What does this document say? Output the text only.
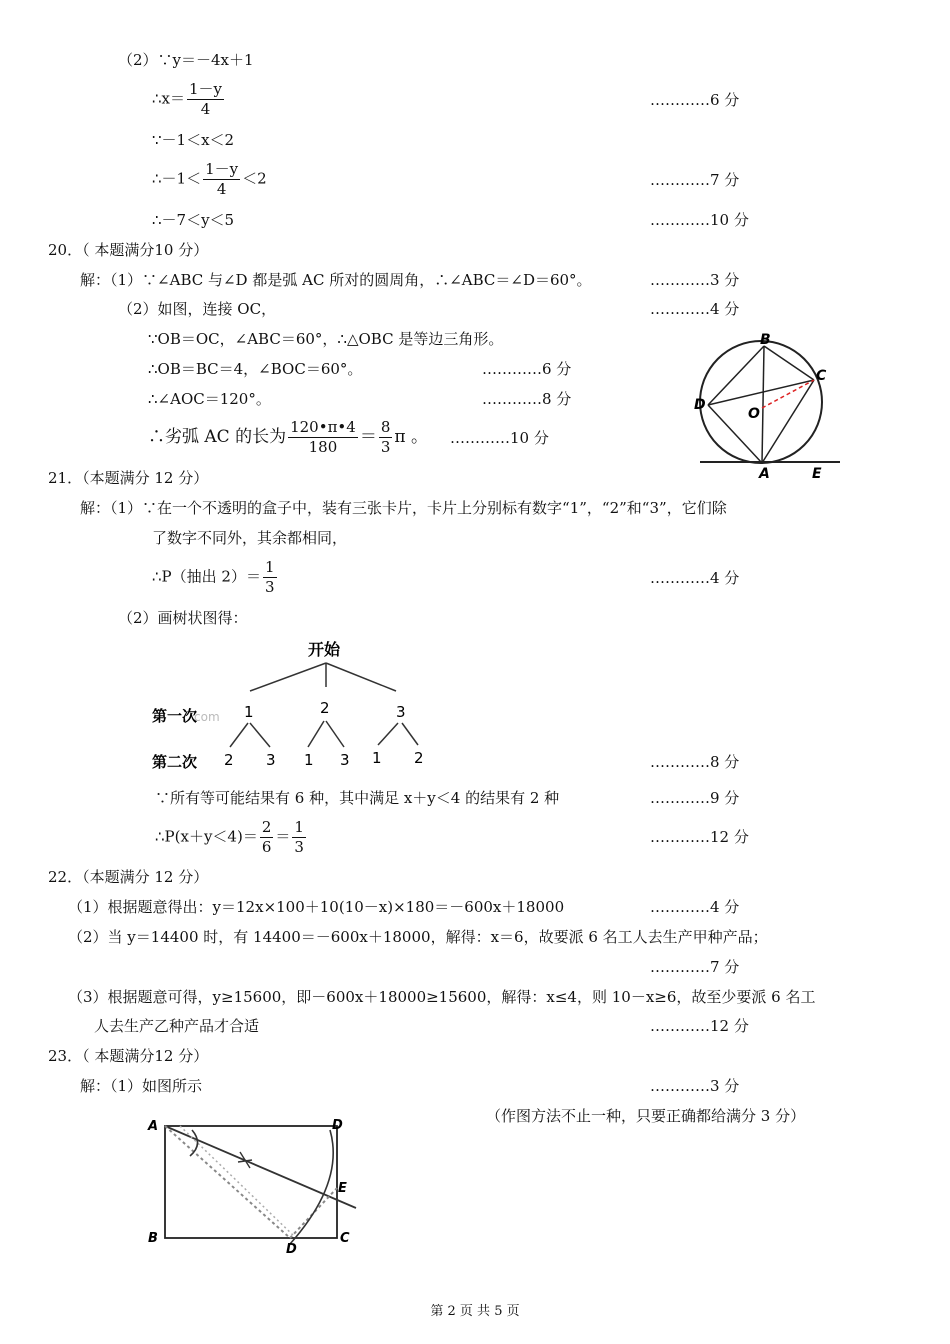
（2）∵y＝－4x＋1
∴x＝ $\frac{1-y}{4}$	…………6 分
∵－1＜x＜2
∴－1＜ $\frac{1-y}{4} <2$	…………7 分
∴－7＜y＜5	…………10 分
20．（ 本题满分10 分）
解：（1）∵∠ABC 与∠D 都是弧 AC 所对的圆周角，∴∠ABC＝∠D＝60°。	…………3 分
（2）如图，连接 OC，	…………4 分
∵OB＝OC，∠ABC＝60°，∴△OBC 是等边三角形。
∴OB＝BC＝4，∠BOC＝60°。	…………6 分
∴∠AOC＝120°。	…………8 分
∴劣弧 AC 的长为 $\frac{120•\pi•4}{180} = \frac{8}{3}$ π 。 …………10 分
B
C
D
O
A	E
21．（本题满分 12 分）
解：（1）∵在一个不透明的盒子中，装有三张卡片，卡片上分别标有数字“1”，“2”和“3”，它们除
了数字不同外，其余都相同，
∴P（抽出 $2)= \frac{1}{3}$	…………4 分
（2）画树状图得：
开始
第一次
com 1	2	3
第二次 2 3 1 3 1 2	…………8 分
∵所有等可能结果有 6 种，其中满足 x＋y＜4 的结果有 2 种	…………9 分
∴P(x＋y＜4)＝ $\frac{2}{6} = \frac{1}{3}$	…………12 分
22．（本题满分 12 分）
（1）根据题意得出：y＝12x×100＋10(10－x)×180＝－600x＋18000	…………4 分
（2）当 y＝14400 时，有 14400＝－600x＋18000，解得：x＝6，故要派 6 名工人去生产甲种产品；
…………7 分
（3）根据题意可得，y≥15600，即－600x＋18000≥15600，解得：x≤4，则 10－x≥6，故至少要派 6 名工
人去生产乙种产品才合适	…………12 分
23．（ 本题满分12 分）
解：（1）如图所示	…………3 分
（作图方法不止一种，只要正确都给满分 3 分）
A	D
E
B	C
D
第 2 页 共 5 页
